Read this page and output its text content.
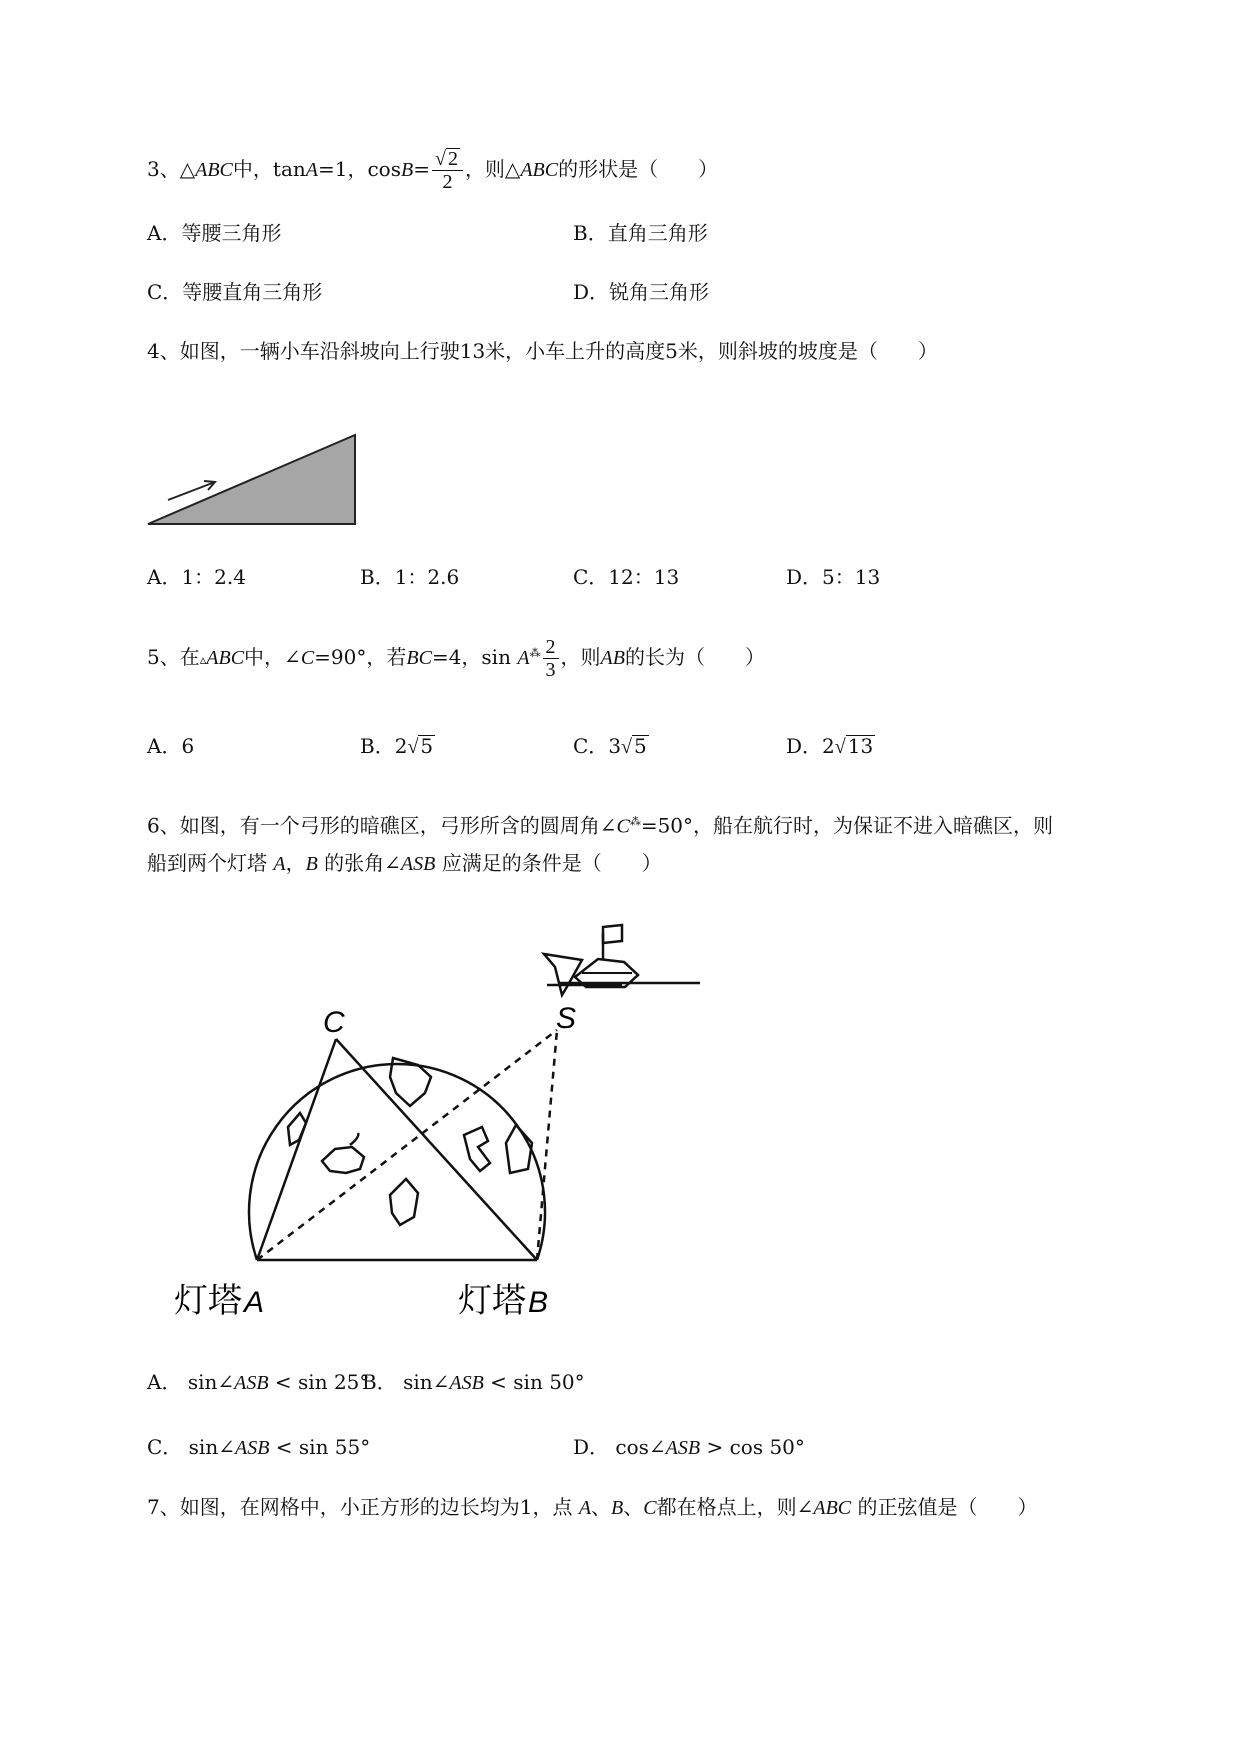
3、△ABC中，tanA=1，$\cos B= \frac{√ 2}{2}$ ，则△ABC的形状是（　　）
A．等腰三角形	B．直角三角形
C．等腰直角三角形	D．锐角三角形
4、如图，一辆小车沿斜坡向上行驶13米，小车上升的高度5米，则斜坡的坡度是（　　）
A．1：2.4	B．1：2.6	C．12：13	D．5：13
5、在▵ABC中，∠C=90°，若BC=4，$\sin A^⁂ \frac{2}{3}$ ，则AB的长为（　　）
A．6	B．2√ 5	C．3√ 5	D．2√ 13
6、如图，有一个弓形的暗礁区，弓形所含的圆周角∠C⁂=50°，船在航行时，为保证不进入暗礁区，则
船到两个灯塔 A，B 的张角∠ASB 应满足的条件是（　　）
C	S
灯塔 A	灯塔 B
A． sin∠ASB < sin 25°
B． sin∠ASB < sin 50°
C． sin∠ASB < sin 55°	D． cos∠ASB > cos 50°
7、如图，在网格中，小正方形的边长均为1，点 A、B、C都在格点上，则∠ABC 的正弦值是（　　）
